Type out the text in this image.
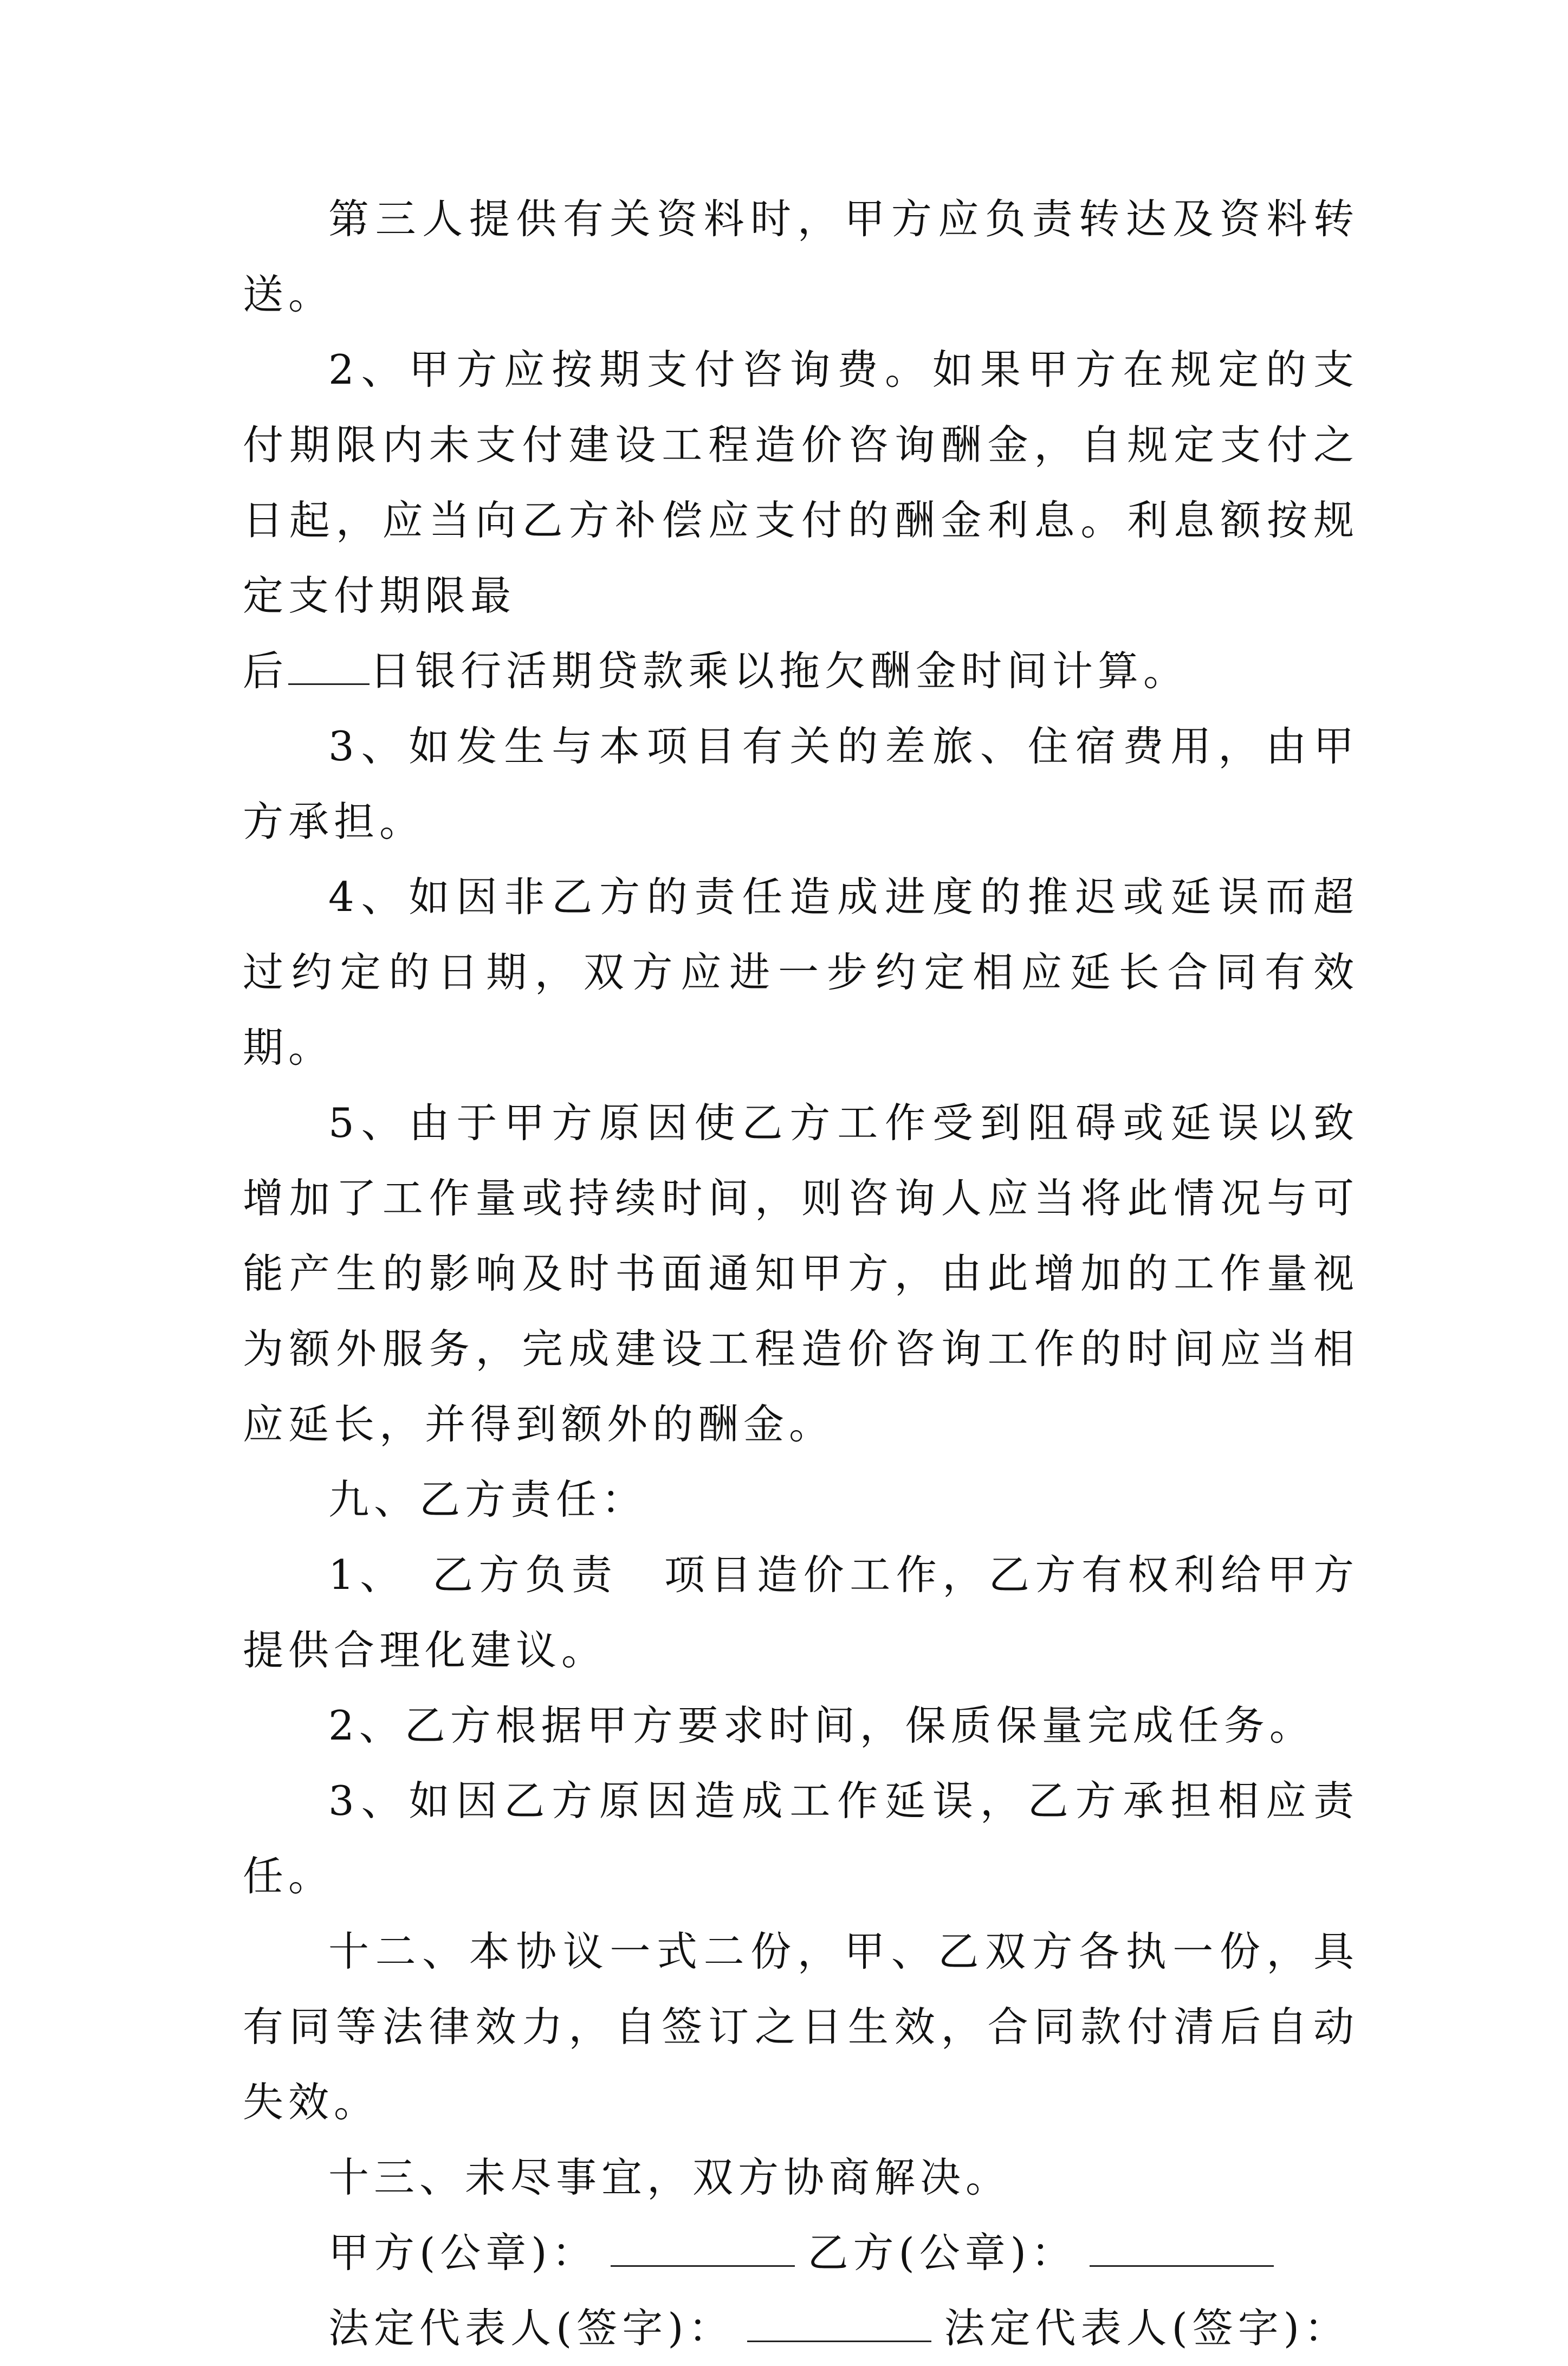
第三人提供有关资料时，甲方应负责转达及资料转送。

2、甲方应按期支付咨询费。如果甲方在规定的支付期限内未支付建设工程造价咨询酬金，自规定支付之日起，应当向乙方补偿应支付的酬金利息。利息额按规定支付期限最
后 日银行活期贷款乘以拖欠酬金时间计算。

3、如发生与本项目有关的差旅、住宿费用，由甲方承担。

4、如因非乙方的责任造成进度的推迟或延误而超过约定的日期，双方应进一步约定相应延长合同有效期。

5、由于甲方原因使乙方工作受到阻碍或延误以致增加了工作量或持续时间，则咨询人应当将此情况与可能产生的影响及时书面通知甲方，由此增加的工作量视为额外服务，完成建设工程造价咨询工作的时间应当相应延长，并得到额外的酬金。

九、乙方责任：

1、　乙方负责　项目造价工作，乙方有权利给甲方提供合理化建议。

2、乙方根据甲方要求时间，保质保量完成任务。

3、如因乙方原因造成工作延误，乙方承担相应责任。

十二、本协议一式二份，甲、乙双方各执一份，具有同等法律效力，自签订之日生效，合同款付清后自动失效。

十三、未尽事宜，双方协商解决。

甲方(公章)：	乙方(公章)：

法定代表人(签字)：	法定代表人(签字)：
